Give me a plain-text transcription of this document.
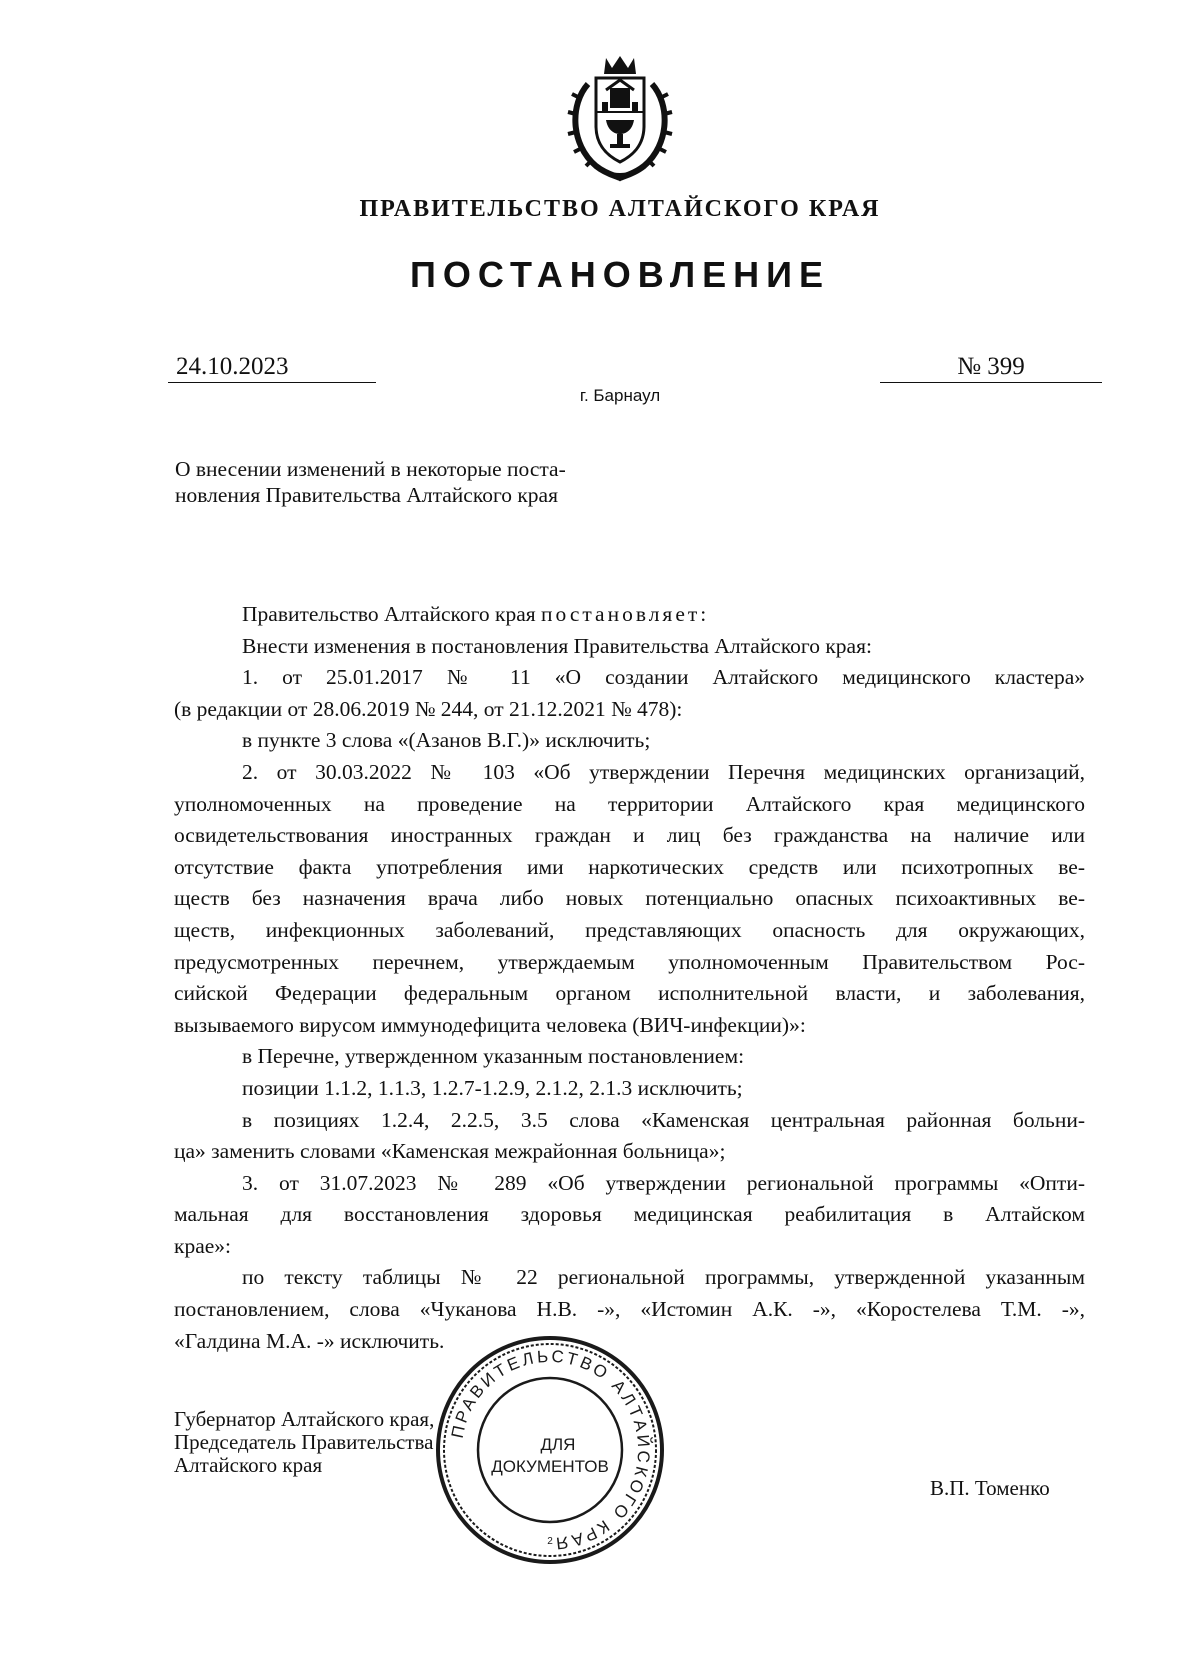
ПРАВИТЕЛЬСТВО АЛТАЙСКОГО КРАЯ
ПОСТАНОВЛЕНИЕ
24.10.2023	№ 399
г. Барнаул
О внесении изменений в некоторые поста-
новления Правительства Алтайского края
Правительство Алтайского края постановляет:
Внести изменения в постановления Правительства Алтайского края:
1. от 25.01.2017 № 11 «О создании Алтайского медицинского кластера»
(в редакции от 28.06.2019 № 244, от 21.12.2021 № 478):
в пункте 3 слова «(Азанов В.Г.)» исключить;
2. от 30.03.2022 № 103 «Об утверждении Перечня медицинских организаций,
уполномоченных на проведение на территории Алтайского края медицинского
освидетельствования иностранных граждан и лиц без гражданства на наличие или
отсутствие факта употребления ими наркотических средств или психотропных ве-
ществ без назначения врача либо новых потенциально опасных психоактивных ве-
ществ, инфекционных заболеваний, представляющих опасность для окружающих,
предусмотренных перечнем, утверждаемым уполномоченным Правительством Рос-
сийской Федерации федеральным органом исполнительной власти, и заболевания,
вызываемого вирусом иммунодефицита человека (ВИЧ-инфекции)»:
в Перечне, утвержденном указанным постановлением:
позиции 1.1.2, 1.1.3, 1.2.7-1.2.9, 2.1.2, 2.1.3 исключить;
в позициях 1.2.4, 2.2.5, 3.5 слова «Каменская центральная районная больни-
ца» заменить словами «Каменская межрайонная больница»;
3. от 31.07.2023 № 289 «Об утверждении региональной программы «Опти-
мальная для восстановления здоровья медицинская реабилитация в Алтайском
крае»:
по тексту таблицы № 22 региональной программы, утвержденной указанным
постановлением, слова «Чуканова Н.В. -», «Истомин А.К. -», «Коростелева Т.М. -»,
«Галдина М.А. -» исключить.
Губернатор Алтайского края,
Председатель Правительства
Алтайского края
В.П. Томенко
ПРАВИТЕЛЬСТВО АЛТАЙСКОГО КРАЯ
ДЛЯ
ДОКУМЕНТОВ
2
